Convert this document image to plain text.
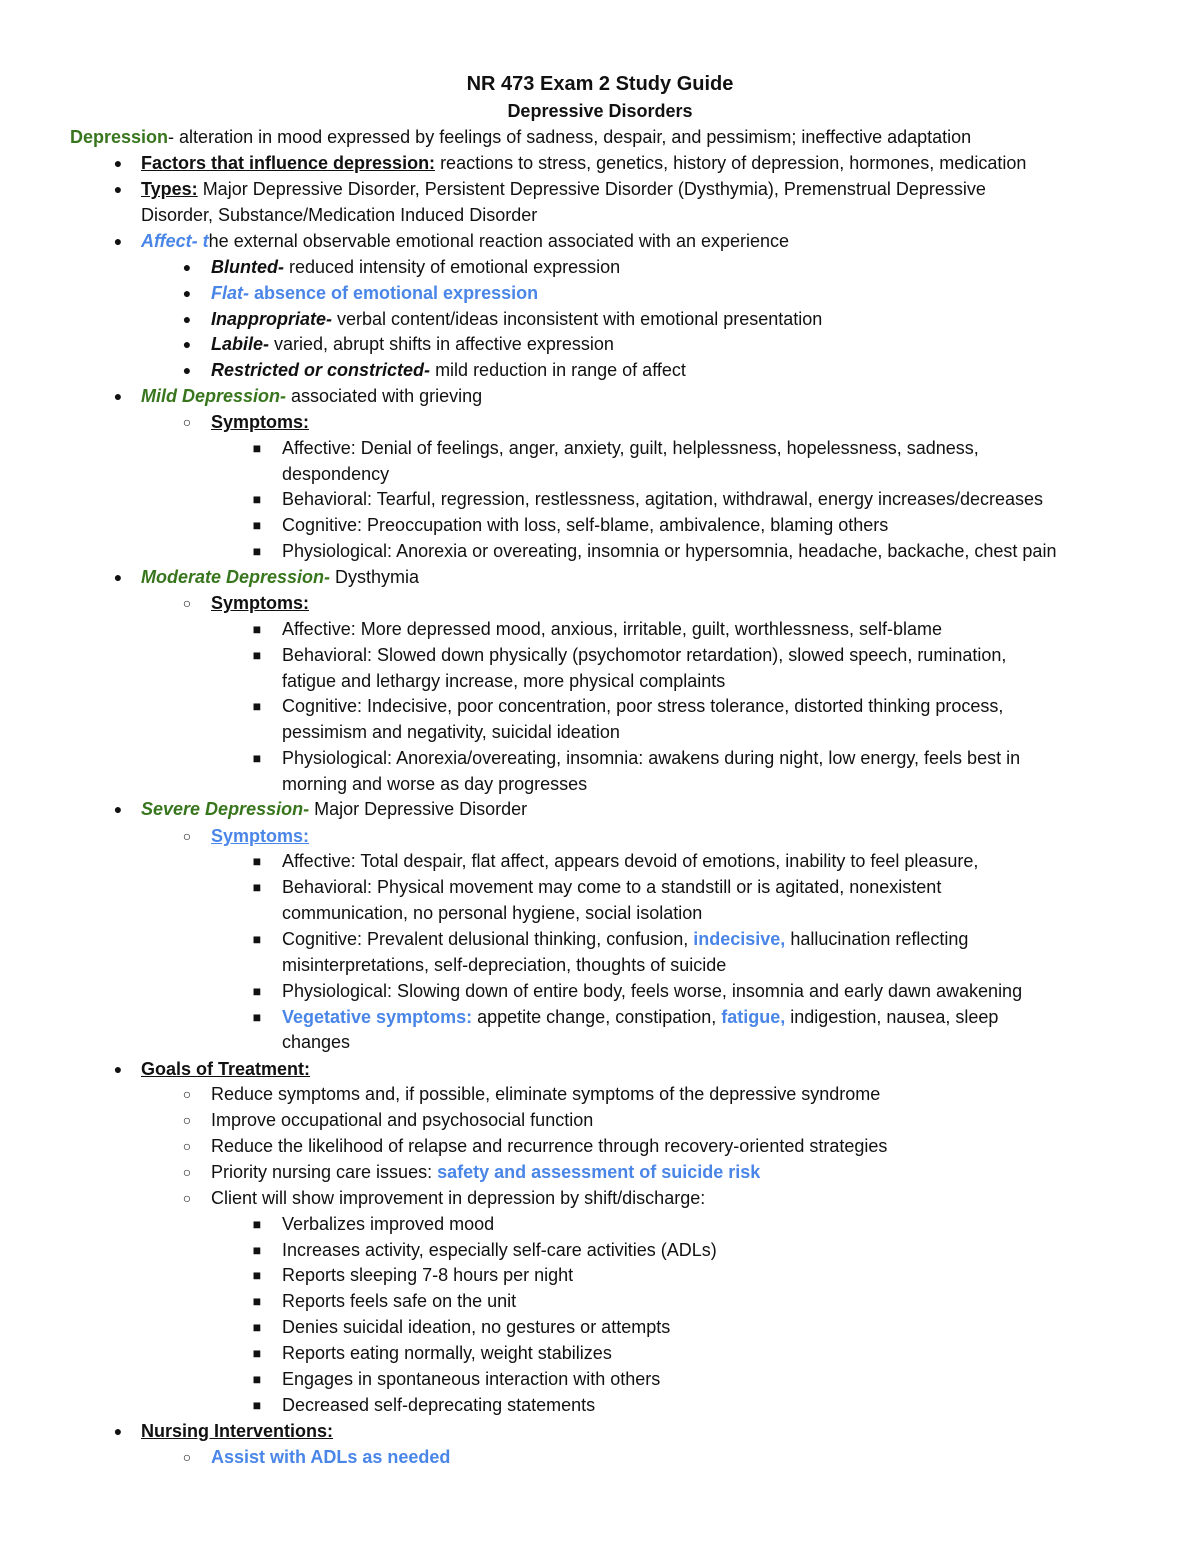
NR 473 Exam 2 Study Guide
Depressive Disorders
Depression- alteration in mood expressed by feelings of sadness, despair, and pessimism; ineffective adaptation
● Factors that influence depression: reactions to stress, genetics, history of depression, hormones, medication
● Types: Major Depressive Disorder, Persistent Depressive Disorder (Dysthymia), Premenstrual Depressive
Disorder, Substance/Medication Induced Disorder
● Affect- the external observable emotional reaction associated with an experience
● Blunted- reduced intensity of emotional expression
● Flat- absence of emotional expression
● Inappropriate- verbal content/ideas inconsistent with emotional presentation
● Labile- varied, abrupt shifts in affective expression
● Restricted or constricted- mild reduction in range of affect
● Mild Depression- associated with grieving
○ Symptoms:
■ Affective: Denial of feelings, anger, anxiety, guilt, helplessness, hopelessness, sadness,
despondency
■ Behavioral: Tearful, regression, restlessness, agitation, withdrawal, energy increases/decreases
■ Cognitive: Preoccupation with loss, self-blame, ambivalence, blaming others
■ Physiological: Anorexia or overeating, insomnia or hypersomnia, headache, backache, chest pain
● Moderate Depression- Dysthymia
○ Symptoms:
■ Affective: More depressed mood, anxious, irritable, guilt, worthlessness, self-blame
■ Behavioral: Slowed down physically (psychomotor retardation), slowed speech, rumination,
fatigue and lethargy increase, more physical complaints
■ Cognitive: Indecisive, poor concentration, poor stress tolerance, distorted thinking process,
pessimism and negativity, suicidal ideation
■ Physiological: Anorexia/overeating, insomnia: awakens during night, low energy, feels best in
morning and worse as day progresses
● Severe Depression- Major Depressive Disorder
○ Symptoms:
■ Affective: Total despair, flat affect, appears devoid of emotions, inability to feel pleasure,
■ Behavioral: Physical movement may come to a standstill or is agitated, nonexistent
communication, no personal hygiene, social isolation
■ Cognitive: Prevalent delusional thinking, confusion, indecisive, hallucination reflecting
misinterpretations, self-depreciation, thoughts of suicide
■ Physiological: Slowing down of entire body, feels worse, insomnia and early dawn awakening
■ Vegetative symptoms: appetite change, constipation, fatigue, indigestion, nausea, sleep
changes
● Goals of Treatment:
○ Reduce symptoms and, if possible, eliminate symptoms of the depressive syndrome
○ Improve occupational and psychosocial function
○ Reduce the likelihood of relapse and recurrence through recovery-oriented strategies
○ Priority nursing care issues: safety and assessment of suicide risk
○ Client will show improvement in depression by shift/discharge:
■ Verbalizes improved mood
■ Increases activity, especially self-care activities (ADLs)
■ Reports sleeping 7-8 hours per night
■ Reports feels safe on the unit
■ Denies suicidal ideation, no gestures or attempts
■ Reports eating normally, weight stabilizes
■ Engages in spontaneous interaction with others
■ Decreased self-deprecating statements
● Nursing Interventions:
○ Assist with ADLs as needed
